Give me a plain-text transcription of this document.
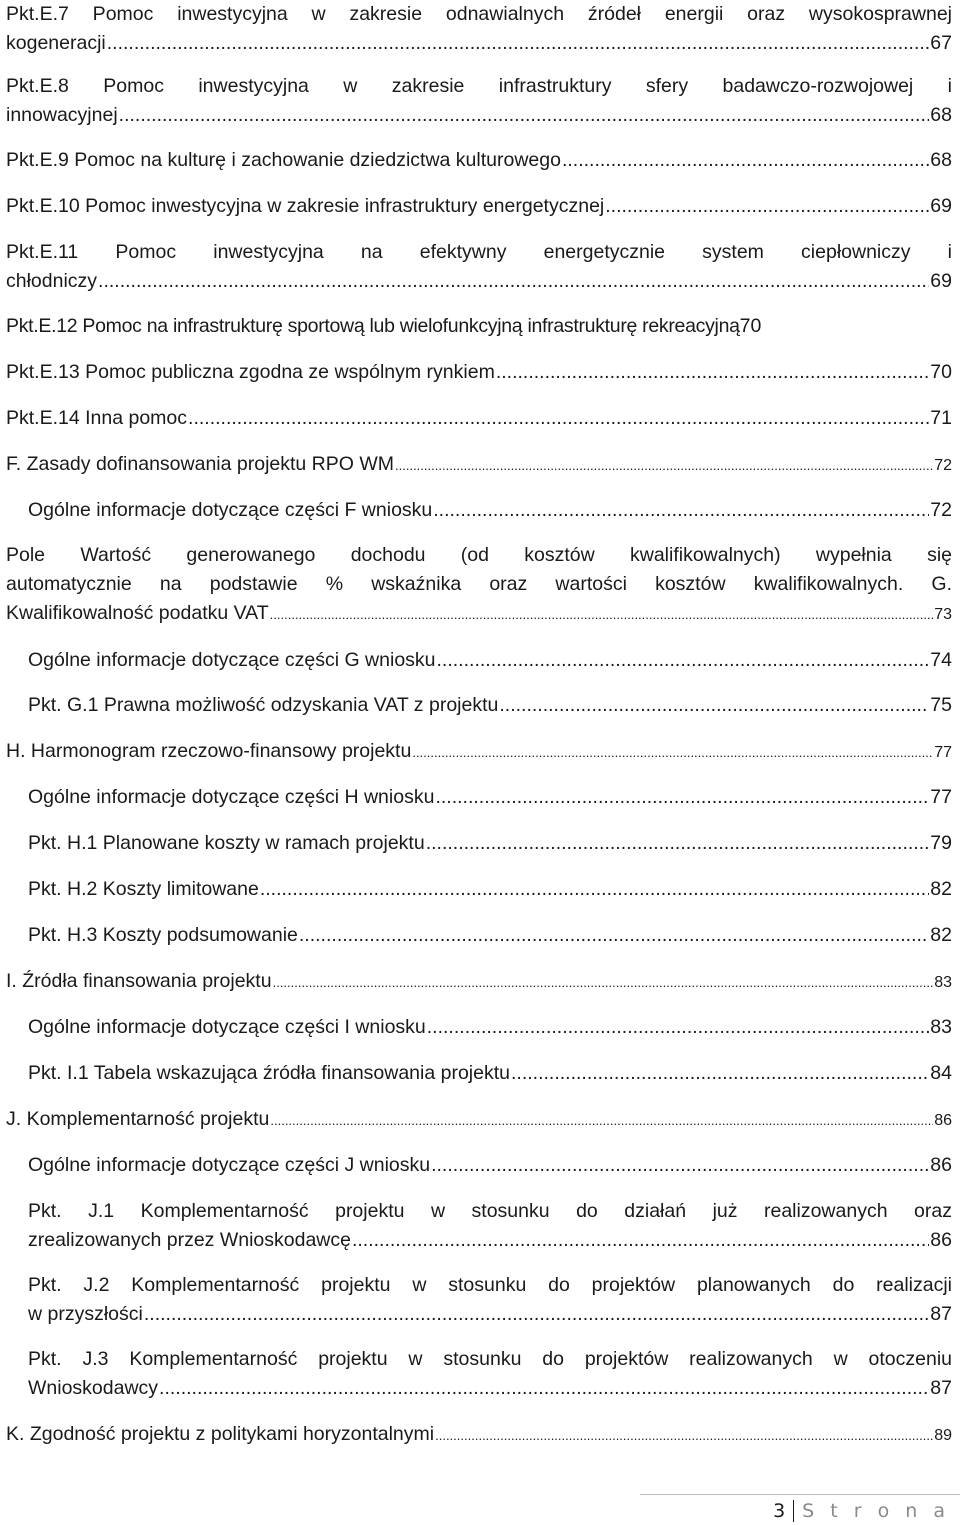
Pkt.E.7 Pomoc inwestycyjna w zakresie odnawialnych źródeł energii oraz wysokosprawnej
kogeneracji .....	67
Pkt.E.8 Pomoc inwestycyjna w zakresie infrastruktury sfery badawczo-rozwojowej i
innowacyjnej .....	68
Pkt.E.9 Pomoc na kulturę i zachowanie dziedzictwa kulturowego .....	68
Pkt.E.10 Pomoc inwestycyjna w zakresie infrastruktury energetycznej .....	69
Pkt.E.11 Pomoc inwestycyjna na efektywny energetycznie system ciepłowniczy i
chłodniczy .....	69
Pkt.E.12 Pomoc na infrastrukturę sportową lub wielofunkcyjną infrastrukturę rekreacyjną 70
Pkt.E.13 Pomoc publiczna zgodna ze wspólnym rynkiem .....	70
Pkt.E.14 Inna pomoc .....	71
F. Zasady dofinansowania projektu RPO WM .....	72
Ogólne informacje dotyczące części F wniosku .....	72
Pole Wartość generowanego dochodu (od kosztów kwalifikowalnych) wypełnia się
automatycznie na podstawie % wskaźnika oraz wartości kosztów kwalifikowalnych. G.
Kwalifikowalność podatku VAT .....	73
Ogólne informacje dotyczące części G wniosku .....	74
Pkt. G.1 Prawna możliwość odzyskania VAT z projektu .....	75
H. Harmonogram rzeczowo-finansowy projektu .....	77
Ogólne informacje dotyczące części H wniosku .....	77
Pkt. H.1 Planowane koszty w ramach projektu .....	79
Pkt. H.2 Koszty limitowane .....	82
Pkt. H.3 Koszty podsumowanie .....	82
I. Źródła finansowania projektu .....	83
Ogólne informacje dotyczące części I wniosku .....	83
Pkt. I.1 Tabela wskazująca źródła finansowania projektu .....	84
J. Komplementarność projektu .....	86
Ogólne informacje dotyczące części J wniosku .....	86
Pkt. J.1 Komplementarność projektu w stosunku do działań już realizowanych oraz
zrealizowanych przez Wnioskodawcę .....	86
Pkt. J.2 Komplementarność projektu w stosunku do projektów planowanych do realizacji
w przyszłości .....	87
Pkt. J.3 Komplementarność projektu w stosunku do projektów realizowanych w otoczeniu
Wnioskodawcy .....	87
K. Zgodność projektu z politykami horyzontalnymi .....	89
3 S t r o n a
